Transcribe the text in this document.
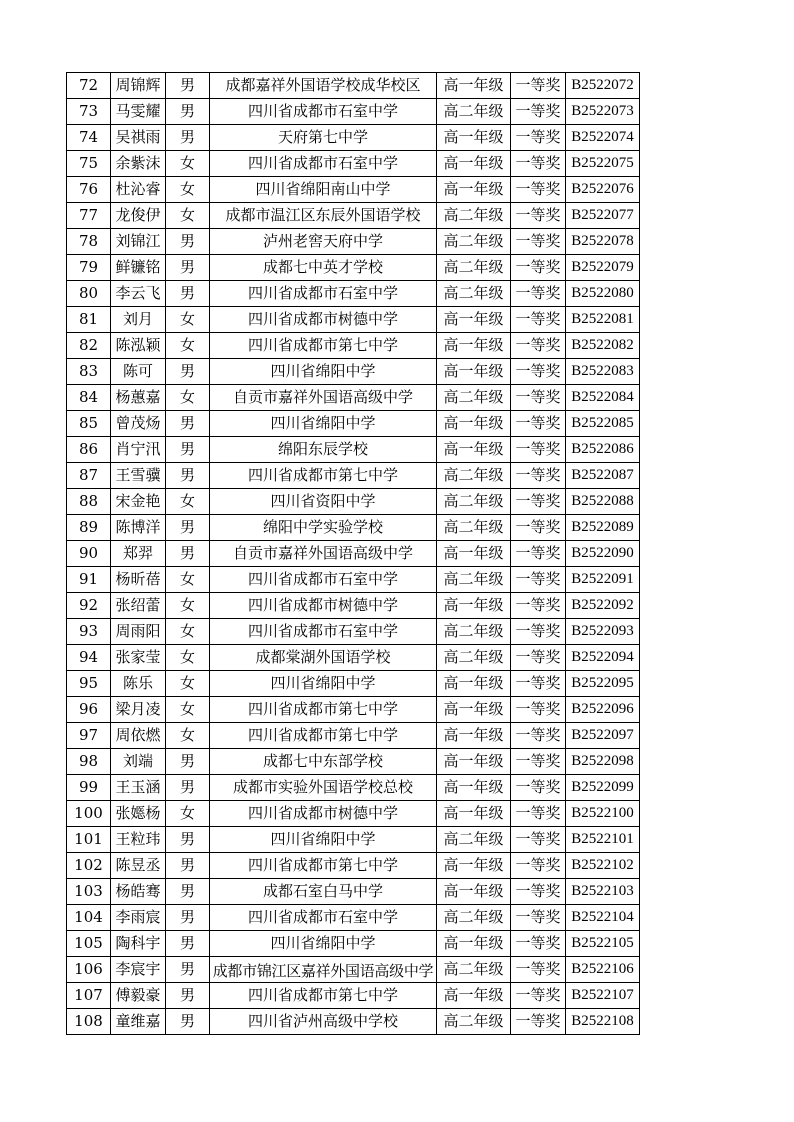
72	周锦辉	男	成都嘉祥外国语学校成华校区	高一年级	一等奖	B2522072
73	马雯耀	男	四川省成都市石室中学	高二年级	一等奖	B2522073
74	吴祺雨	男	天府第七中学	高一年级	一等奖	B2522074
75	余紫沫	女	四川省成都市石室中学	高一年级	一等奖	B2522075
76	杜沁睿	女	四川省绵阳南山中学	高一年级	一等奖	B2522076
77	龙俊伊	女	成都市温江区东辰外国语学校	高二年级	一等奖	B2522077
78	刘锦江	男	泸州老窖天府中学	高二年级	一等奖	B2522078
79	鲜镰铭	男	成都七中英才学校	高二年级	一等奖	B2522079
80	李云飞	男	四川省成都市石室中学	高二年级	一等奖	B2522080
81	刘月	女	四川省成都市树德中学	高一年级	一等奖	B2522081
82	陈泓颖	女	四川省成都市第七中学	高一年级	一等奖	B2522082
83	陈可	男	四川省绵阳中学	高一年级	一等奖	B2522083
84	杨蕙嘉	女	自贡市嘉祥外国语高级中学	高二年级	一等奖	B2522084
85	曾茂炀	男	四川省绵阳中学	高一年级	一等奖	B2522085
86	肖宁汛	男	绵阳东辰学校	高一年级	一等奖	B2522086
87	王雪骥	男	四川省成都市第七中学	高二年级	一等奖	B2522087
88	宋金艳	女	四川省资阳中学	高二年级	一等奖	B2522088
89	陈博洋	男	绵阳中学实验学校	高二年级	一等奖	B2522089
90	郑羿	男	自贡市嘉祥外国语高级中学	高一年级	一等奖	B2522090
91	杨昕蓓	女	四川省成都市石室中学	高二年级	一等奖	B2522091
92	张绍蕾	女	四川省成都市树德中学	高一年级	一等奖	B2522092
93	周雨阳	女	四川省成都市石室中学	高二年级	一等奖	B2522093
94	张家莹	女	成都棠湖外国语学校	高二年级	一等奖	B2522094
95	陈乐	女	四川省绵阳中学	高一年级	一等奖	B2522095
96	梁月凌	女	四川省成都市第七中学	高一年级	一等奖	B2522096
97	周依燃	女	四川省成都市第七中学	高一年级	一等奖	B2522097
98	刘端	男	成都七中东部学校	高一年级	一等奖	B2522098
99	王玉涵	男	成都市实验外国语学校总校	高一年级	一等奖	B2522099
100	张嫕杨	女	四川省成都市树德中学	高一年级	一等奖	B2522100
101	王粒玮	男	四川省绵阳中学	高二年级	一等奖	B2522101
102	陈昱丞	男	四川省成都市第七中学	高一年级	一等奖	B2522102
103	杨皓骞	男	成都石室白马中学	高一年级	一等奖	B2522103
104	李雨宸	男	四川省成都市石室中学	高二年级	一等奖	B2522104
105	陶科宇	男	四川省绵阳中学	高一年级	一等奖	B2522105
106	李宸宇	男	成都市锦江区嘉祥外国语高级中学	高二年级	一等奖	B2522106
107	傅毅豪	男	四川省成都市第七中学	高一年级	一等奖	B2522107
108	童维嘉	男	四川省泸州高级中学校	高二年级	一等奖	B2522108
